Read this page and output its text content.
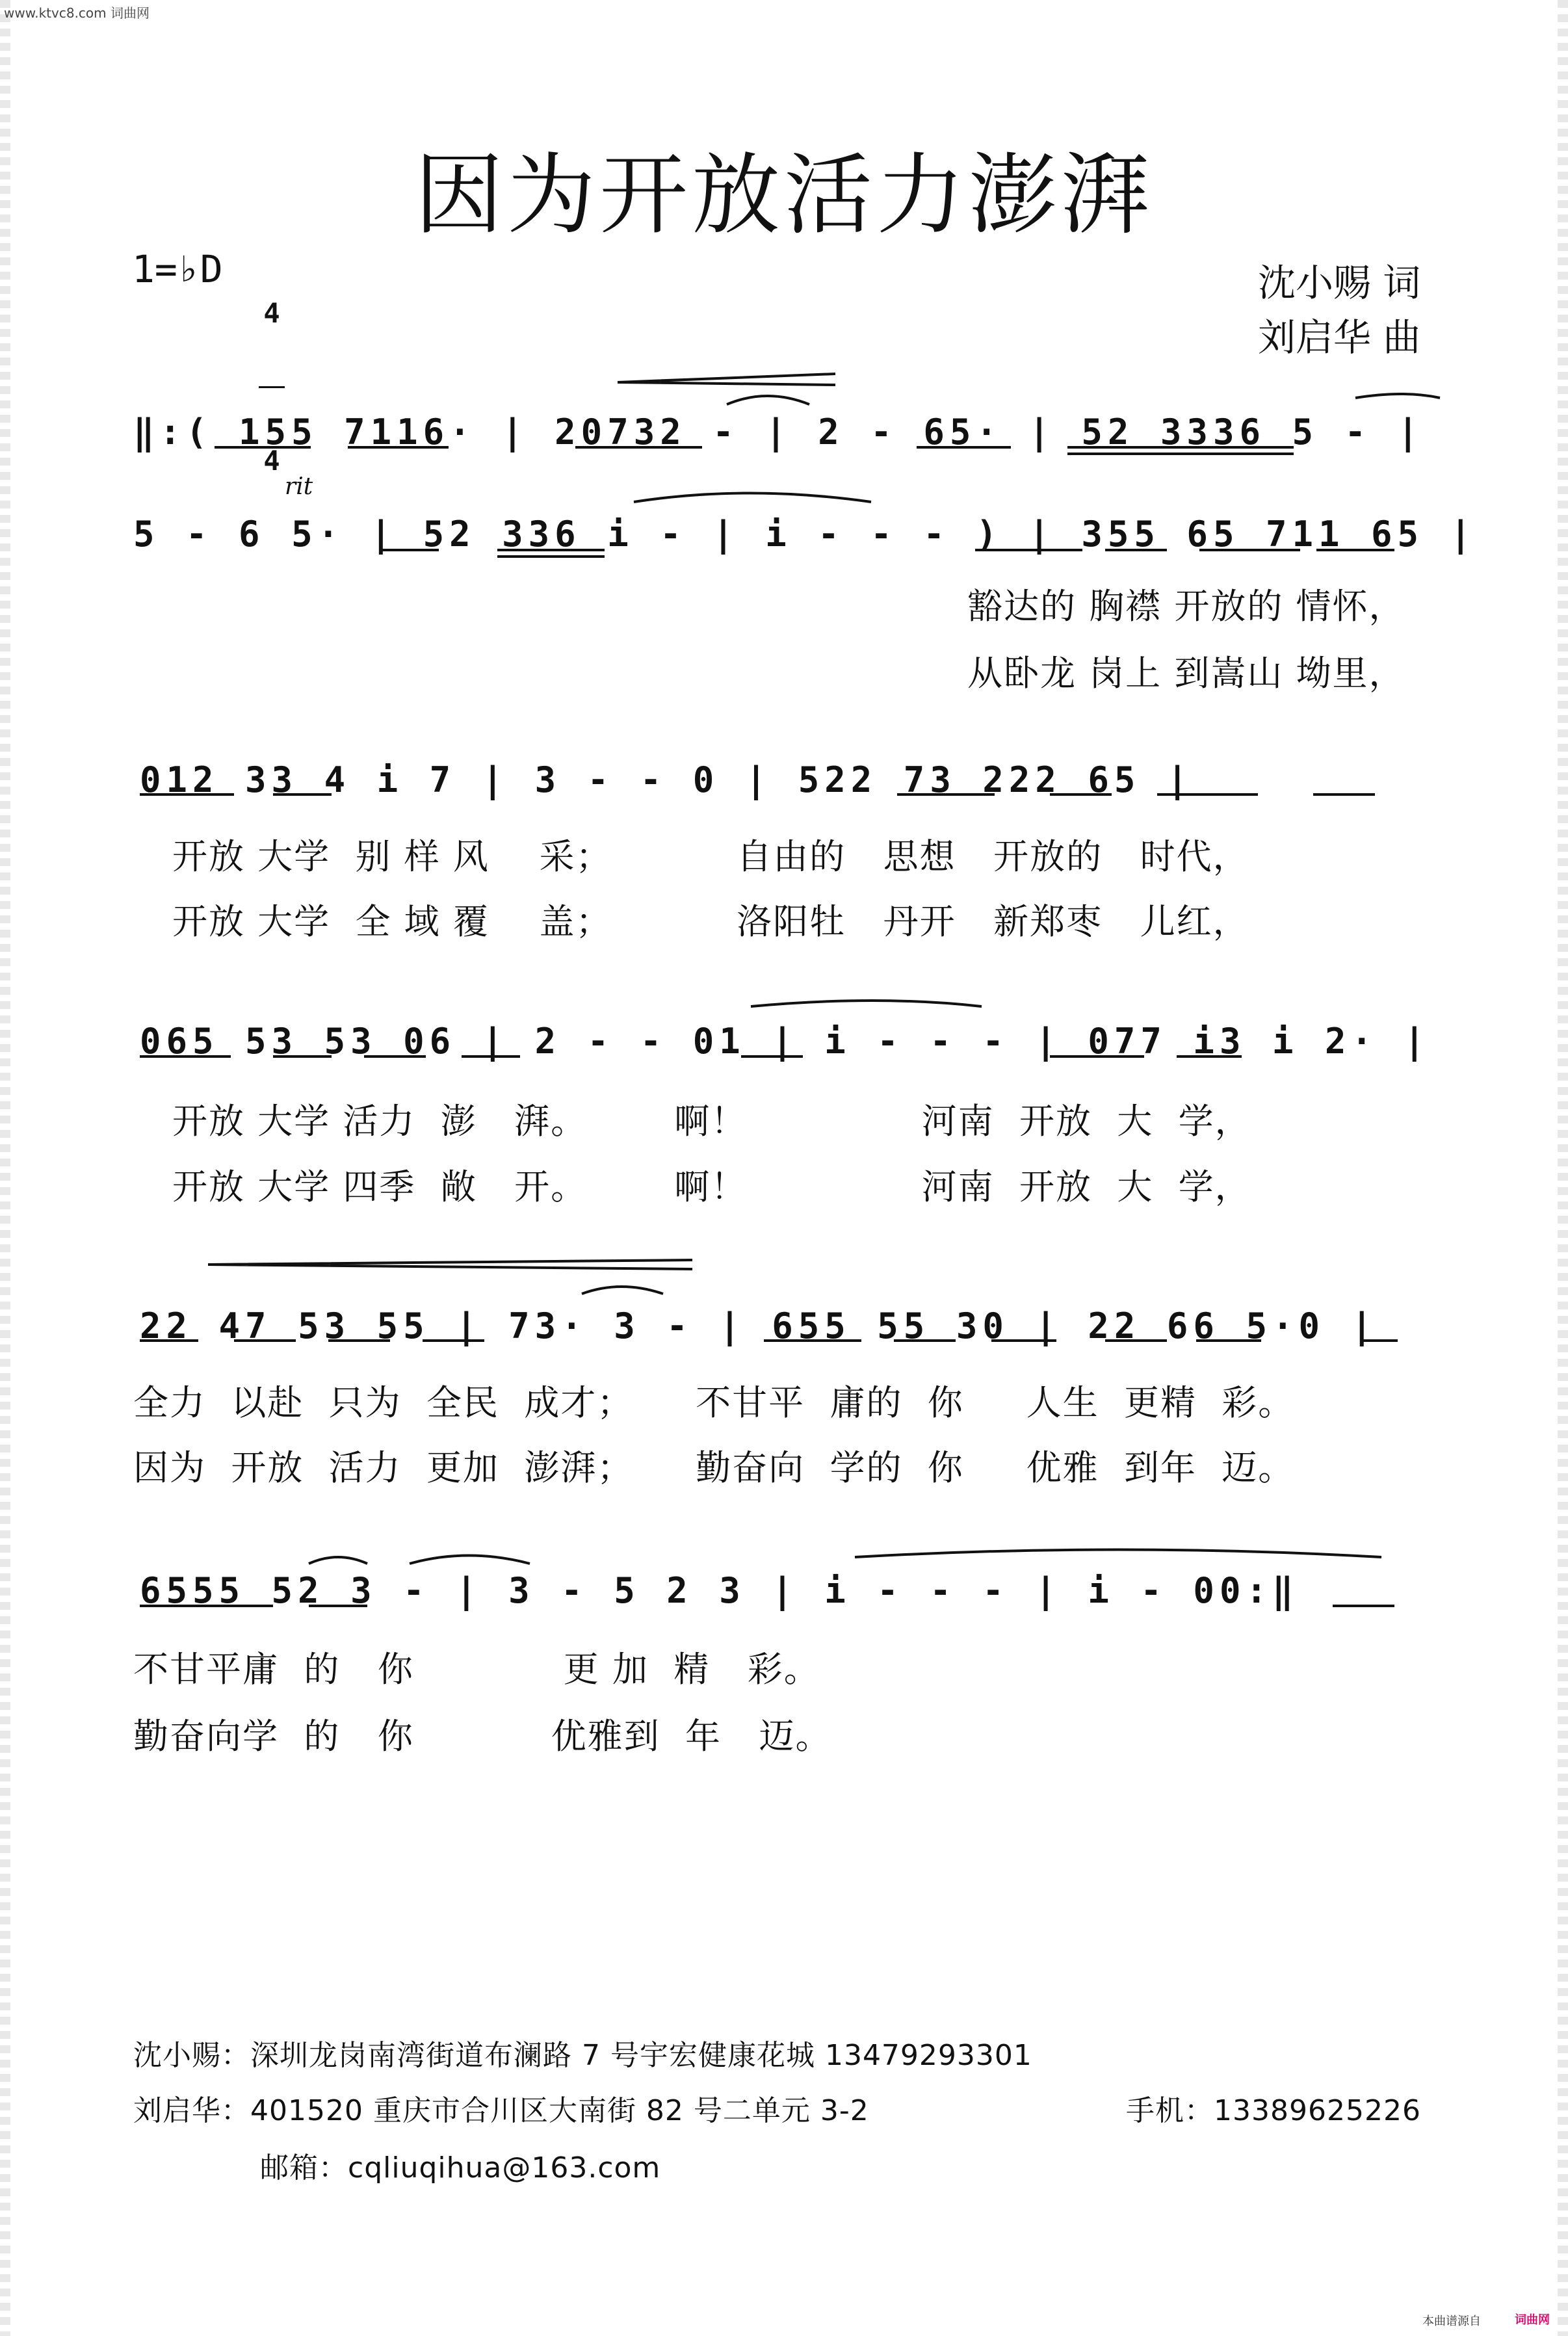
www.ktvc8.com 词曲网
因为开放活力澎湃
1=♭D

4

4

沈小赐 词
刘启华 曲
‖:( 155 7116· | 20732 - | 2 - 65· | 52 3336 5 - |
5 - 6 5· | 52 336 i - | i - - - ) | 355 65 711 65 |
豁达的 胸襟 开放的 情怀，
从卧龙 岗上 到嵩山 坳里，
012 33 4 i 7 | 3 - - 0 | 522 73 222 65 |
开放 大学  别 样 风    采；          自由的   思想   开放的   时代，
开放 大学  全 域 覆    盖；          洛阳牡   丹开   新郑枣   儿红，
065 53 53 06 | 2 - - 01 | i - - - | 077 i3 i 2· |
开放 大学 活力  澎   湃。       啊！              河南  开放  大  学，
开放 大学 四季  敞   开。       啊！              河南  开放  大  学，
22 47 53 55 | 73· 3 - | 655 55 30 | 22 66 5·0 |
全力  以赴  只为  全民  成才；     不甘平  庸的  你     人生  更精  彩。
因为  开放  活力  更加  澎湃；     勤奋向  学的  你     优雅  到年  迈。
6555 52 3 - | 3 - 5 2 3 | i - - - | i - 00:‖
不甘平庸  的   你            更 加  精   彩。
勤奋向学  的   你           优雅到  年   迈。
rit
沈小赐：深圳龙岗南湾街道布澜路 7 号宇宏健康花城 13479293301
刘启华：401520 重庆市合川区大南街 82 号二单元 3-2	手机：13389625226
邮箱：cqliuqihua@163.com
本曲谱源自	词曲网
